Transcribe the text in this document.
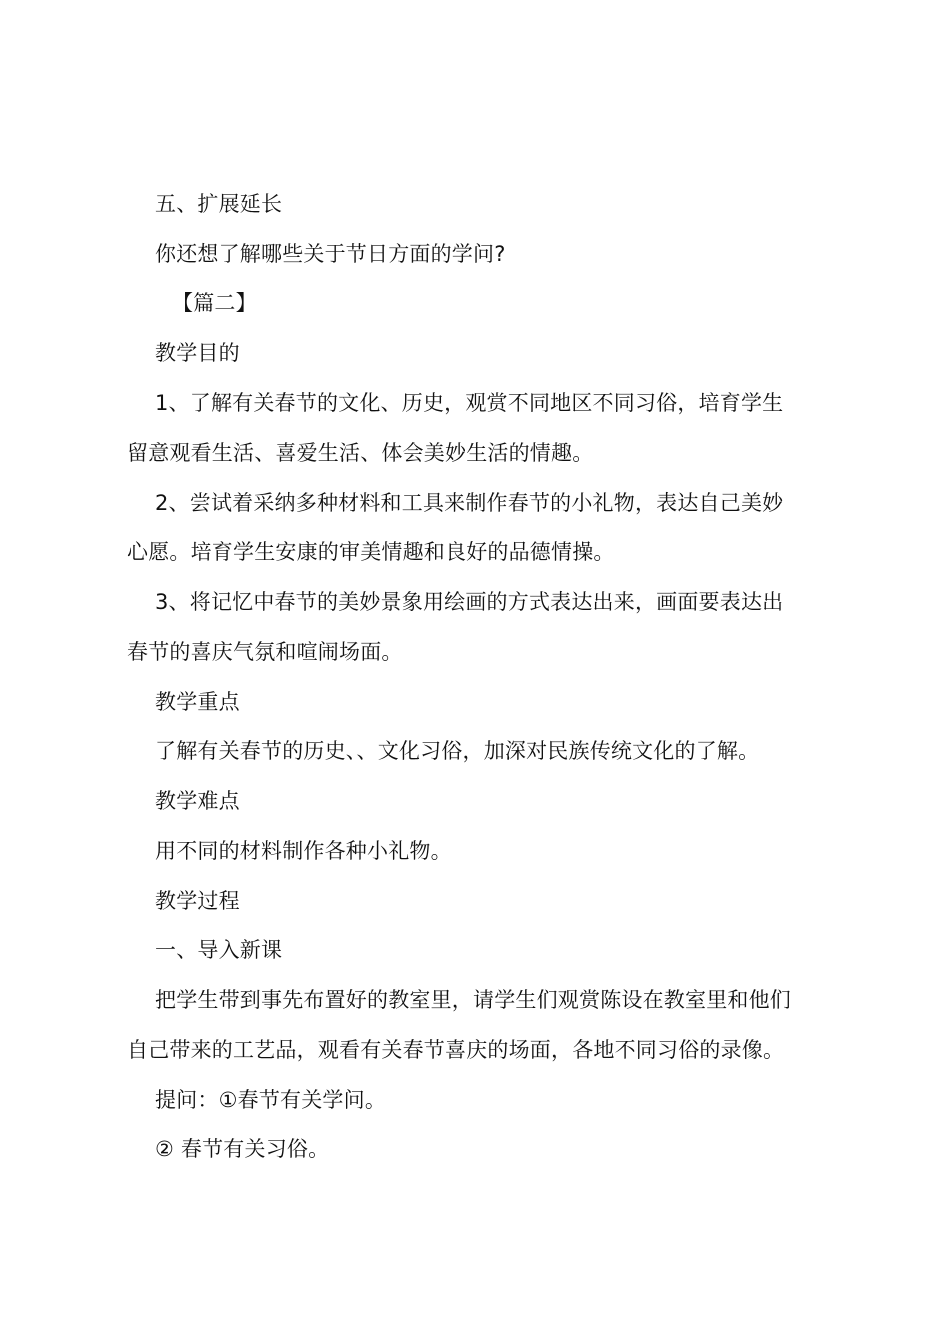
五、扩展延长
你还想了解哪些关于节日方面的学问?
【篇二】
教学目的
1、了解有关春节的文化、历史，观赏不同地区不同习俗，培育学生
留意观看生活、喜爱生活、体会美妙生活的情趣。
2、尝试着采纳多种材料和工具来制作春节的小礼物，表达自己美妙
心愿。培育学生安康的审美情趣和良好的品德情操。
3、将记忆中春节的美妙景象用绘画的方式表达出来，画面要表达出
春节的喜庆气氛和喧闹场面。
教学重点
了解有关春节的历史、、文化习俗，加深对民族传统文化的了解。
教学难点
用不同的材料制作各种小礼物。
教学过程
一、导入新课
把学生带到事先布置好的教室里，请学生们观赏陈设在教室里和他们
自己带来的工艺品，观看有关春节喜庆的场面，各地不同习俗的录像。
提问：①春节有关学问。
② 春节有关习俗。
